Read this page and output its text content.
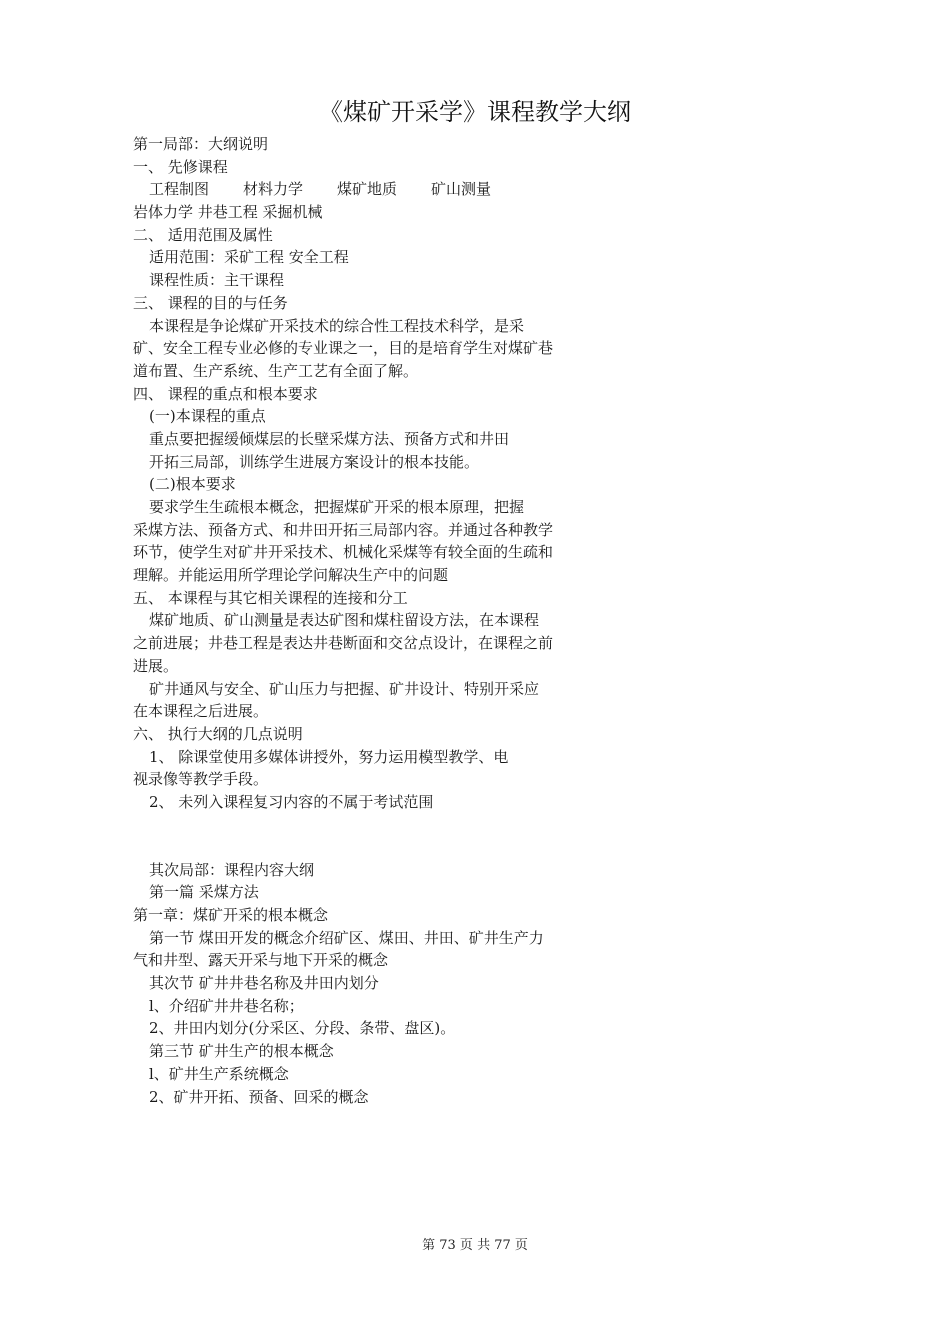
《煤矿开采学》课程教学大纲

第一局部：大纲说明

一、 先修课程

工程制图 材料力学 煤矿地质 矿山测量

岩体力学 井巷工程 采掘机械

二、 适用范围及属性

适用范围：采矿工程 安全工程

课程性质：主干课程

三、 课程的目的与任务

本课程是争论煤矿开采技术的综合性工程技术科学，是采

矿、安全工程专业必修的专业课之一，目的是培育学生对煤矿巷

道布置、生产系统、生产工艺有全面了解。

四、 课程的重点和根本要求

(一)本课程的重点

重点要把握缓倾煤层的长壁采煤方法、预备方式和井田

开拓三局部，训练学生进展方案设计的根本技能。

(二)根本要求

要求学生生疏根本概念，把握煤矿开采的根本原理，把握

采煤方法、预备方式、和井田开拓三局部内容。并通过各种教学

环节，使学生对矿井开采技术、机械化采煤等有较全面的生疏和

理解。并能运用所学理论学问解决生产中的问题

五、 本课程与其它相关课程的连接和分工

煤矿地质、矿山测量是表达矿图和煤柱留设方法，在本课程

之前进展；井巷工程是表达井巷断面和交岔点设计，在课程之前

进展。

矿井通风与安全、矿山压力与把握、矿井设计、特别开采应

在本课程之后进展。

六、 执行大纲的几点说明

1、 除课堂使用多媒体讲授外，努力运用模型教学、电

视录像等教学手段。

2、 未列入课程复习内容的不属于考试范围

其次局部：课程内容大纲

第一篇 采煤方法

第一章：煤矿开采的根本概念

第一节 煤田开发的概念介绍矿区、煤田、井田、矿井生产力

气和井型、露天开采与地下开采的概念

其次节 矿井井巷名称及井田内划分

l、介绍矿井井巷名称；

2、井田内划分(分采区、分段、条带、盘区)。

第三节 矿井生产的根本概念

l、矿井生产系统概念

2、矿井开拓、预备、回采的概念

第 73 页 共 77 页
